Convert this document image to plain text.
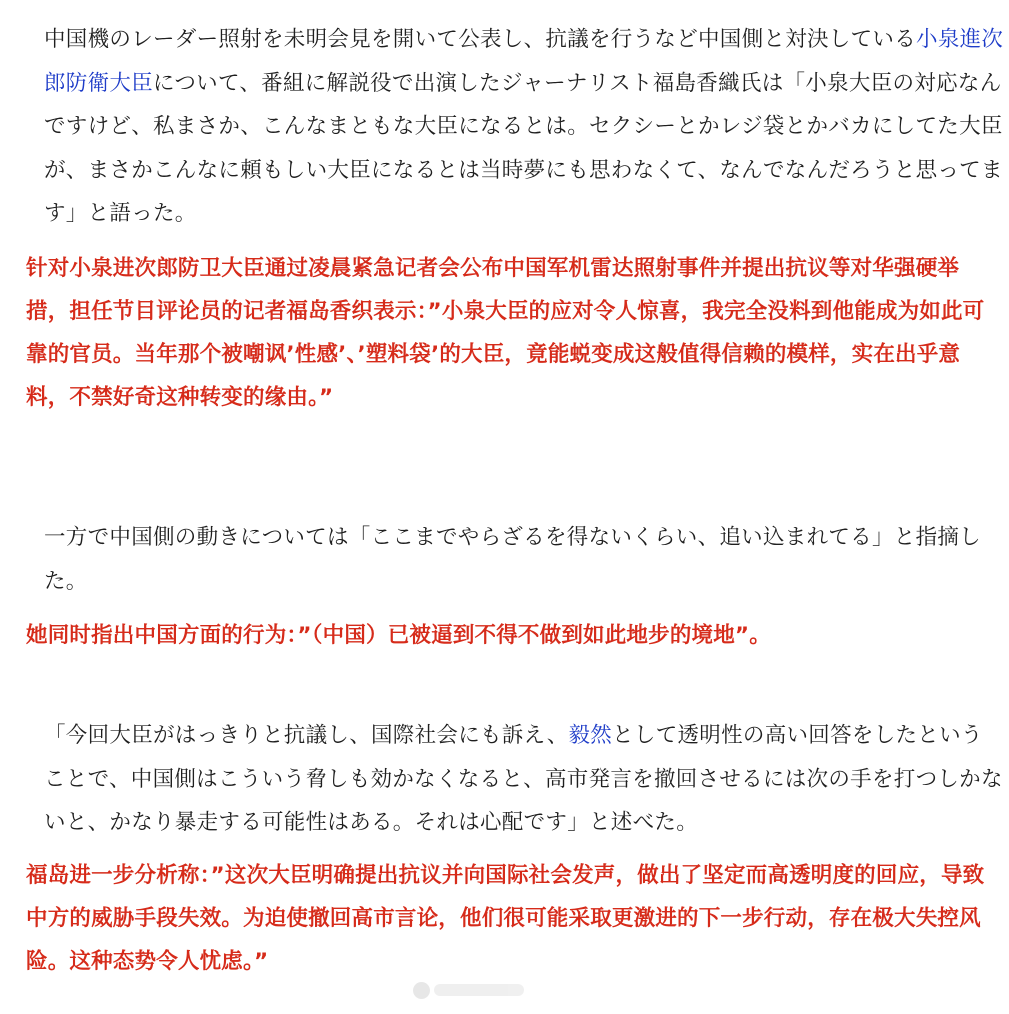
中国機のレーダー照射を未明会見を開いて公表し、抗議を行うなど中国側と対決している小泉進次郎防衛大臣について、番組に解説役で出演したジャーナリスト福島香織氏は「小泉大臣の対応なんですけど、私まさか、こんなまともな大臣になるとは。セクシーとかレジ袋とかバカにしてた大臣が、まさかこんなに頼もしい大臣になるとは当時夢にも思わなくて、なんでなんだろうと思ってます」と語った。

针对小泉进次郎防卫大臣通过凌晨紧急记者会公布中国军机雷达照射事件并提出抗议等对华强硬举措，担任节目评论员的记者福岛香织表示：”小泉大臣的应对令人惊喜，我完全没料到他能成为如此可靠的官员。当年那个被嘲讽’性感’、’塑料袋’的大臣，竟能蜕变成这般值得信赖的模样，实在出乎意料，不禁好奇这种转变的缘由。”

一方で中国側の動きについては「ここまでやらざるを得ないくらい、追い込まれてる」と指摘した。

她同时指出中国方面的行为：”（中国）已被逼到不得不做到如此地步的境地”。

「今回大臣がはっきりと抗議し、国際社会にも訴え、毅然として透明性の高い回答をしたということで、中国側はこういう脅しも効かなくなると、高市発言を撤回させるには次の手を打つしかないと、かなり暴走する可能性はある。それは心配です」と述べた。

福岛进一步分析称：”这次大臣明确提出抗议并向国际社会发声，做出了坚定而高透明度的回应，导致中方的威胁手段失效。为迫使撤回高市言论，他们很可能采取更激进的下一步行动，存在极大失控风险。这种态势令人忧虑。”
